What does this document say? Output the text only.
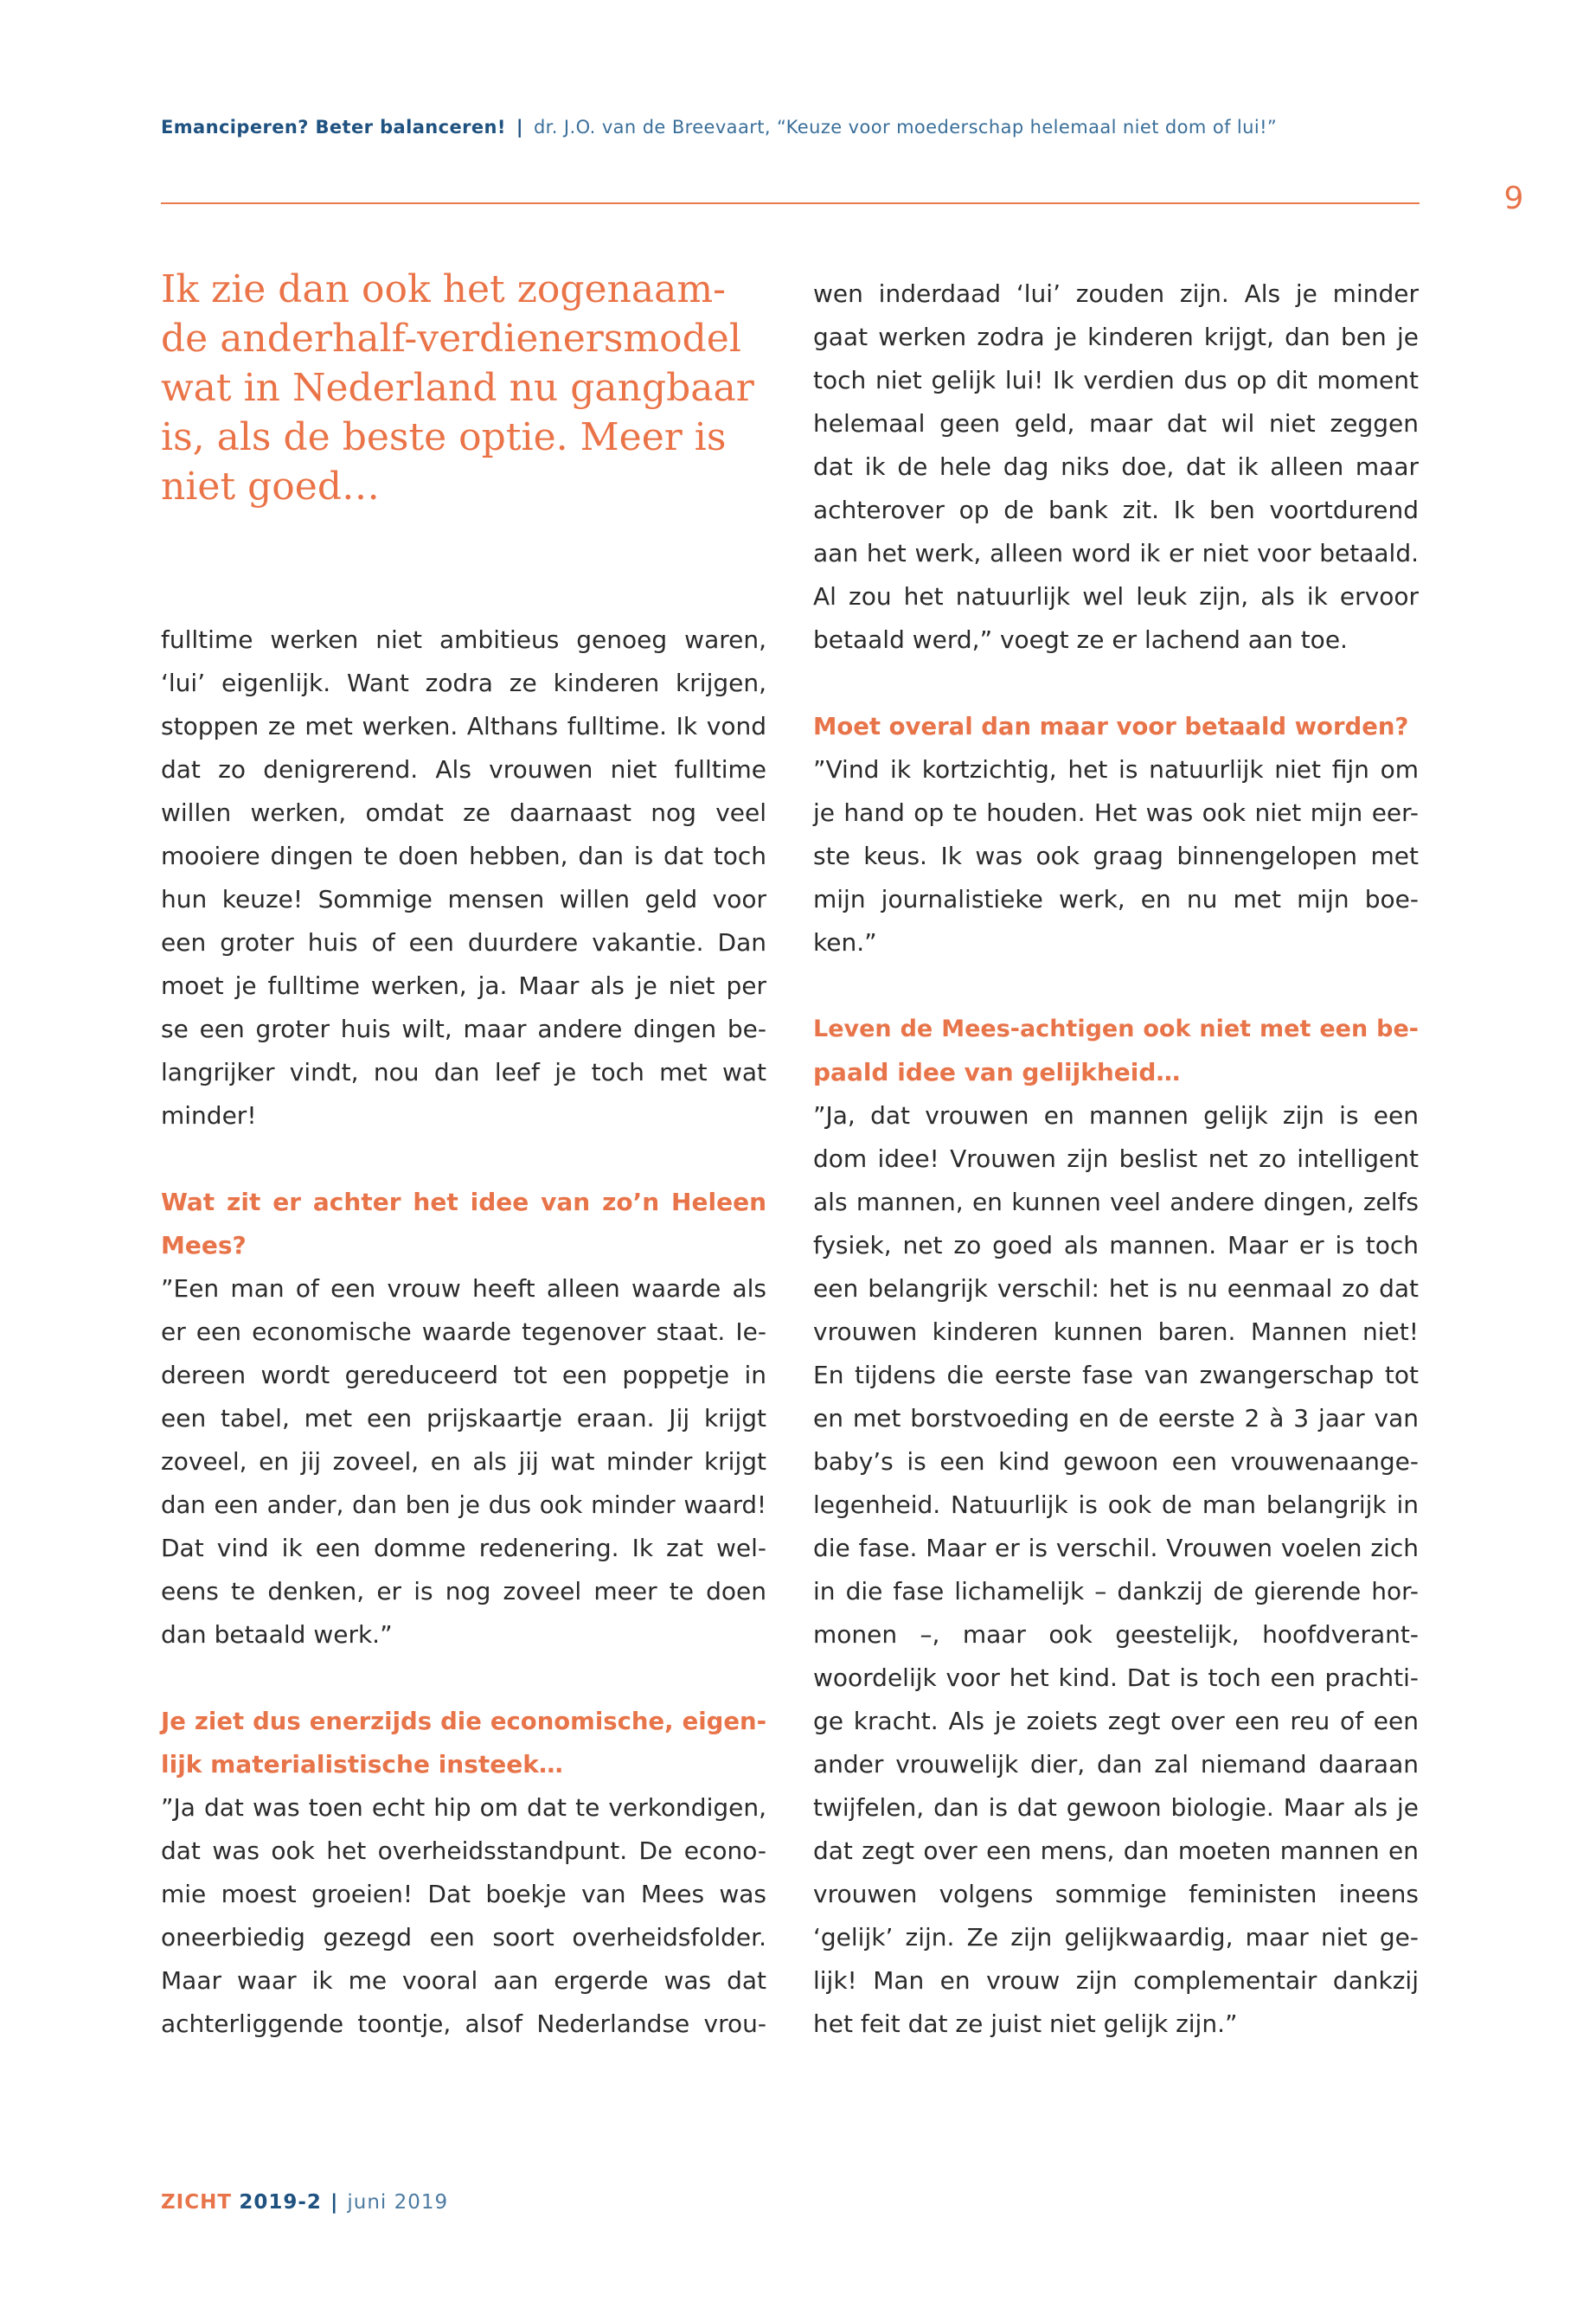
Emanciperen? Beter balanceren! | dr. J.O. van de Breevaart, “Keuze voor moederschap helemaal niet dom of lui!”
9
Ik zie dan ook het zogenaam-
de anderhalf-verdienersmodel
wat in Nederland nu gangbaar
is, als de beste optie. Meer is
niet goed…
fulltime werken niet ambitieus genoeg waren,
‘lui’ eigenlijk. Want zodra ze kinderen krijgen,
stoppen ze met werken. Althans fulltime. Ik vond
dat zo denigrerend. Als vrouwen niet fulltime
willen werken, omdat ze daarnaast nog veel
mooiere dingen te doen hebben, dan is dat toch
hun keuze! Sommige mensen willen geld voor
een groter huis of een duurdere vakantie. Dan
moet je fulltime werken, ja. Maar als je niet per
se een groter huis wilt, maar andere dingen be-
langrijker vindt, nou dan leef je toch met wat
minder!
Wat zit er achter het idee van zo’n Heleen
Mees?
”Een man of een vrouw heeft alleen waarde als
er een economische waarde tegenover staat. Ie-
dereen wordt gereduceerd tot een poppetje in
een tabel, met een prijskaartje eraan. Jij krijgt
zoveel, en jij zoveel, en als jij wat minder krijgt
dan een ander, dan ben je dus ook minder waard!
Dat vind ik een domme redenering. Ik zat wel-
eens te denken, er is nog zoveel meer te doen
dan betaald werk.”
Je ziet dus enerzijds die economische, eigen-
lijk materialistische insteek…
”Ja dat was toen echt hip om dat te verkondigen,
dat was ook het overheidsstandpunt. De econo-
mie moest groeien! Dat boekje van Mees was
oneerbiedig gezegd een soort overheidsfolder.
Maar waar ik me vooral aan ergerde was dat
achterliggende toontje, alsof Nederlandse vrou-
wen inderdaad ‘lui’ zouden zijn. Als je minder
gaat werken zodra je kinderen krijgt, dan ben je
toch niet gelijk lui! Ik verdien dus op dit moment
helemaal geen geld, maar dat wil niet zeggen
dat ik de hele dag niks doe, dat ik alleen maar
achterover op de bank zit. Ik ben voortdurend
aan het werk, alleen word ik er niet voor betaald.
Al zou het natuurlijk wel leuk zijn, als ik ervoor
betaald werd,” voegt ze er lachend aan toe.
Moet overal dan maar voor betaald worden?
”Vind ik kortzichtig, het is natuurlijk niet fijn om
je hand op te houden. Het was ook niet mijn eer-
ste keus. Ik was ook graag binnengelopen met
mijn journalistieke werk, en nu met mijn boe-
ken.”
Leven de Mees-achtigen ook niet met een be-
paald idee van gelijkheid…
”Ja, dat vrouwen en mannen gelijk zijn is een
dom idee! Vrouwen zijn beslist net zo intelligent
als mannen, en kunnen veel andere dingen, zelfs
fysiek, net zo goed als mannen. Maar er is toch
een belangrijk verschil: het is nu eenmaal zo dat
vrouwen kinderen kunnen baren. Mannen niet!
En tijdens die eerste fase van zwangerschap tot
en met borstvoeding en de eerste 2 à 3 jaar van
baby’s is een kind gewoon een vrouwenaange-
legenheid. Natuurlijk is ook de man belangrijk in
die fase. Maar er is verschil. Vrouwen voelen zich
in die fase lichamelijk – dankzij de gierende hor-
monen –, maar ook geestelijk, hoofdverant-
woordelijk voor het kind. Dat is toch een prachti-
ge kracht. Als je zoiets zegt over een reu of een
ander vrouwelijk dier, dan zal niemand daaraan
twijfelen, dan is dat gewoon biologie. Maar als je
dat zegt over een mens, dan moeten mannen en
vrouwen volgens sommige feministen ineens
‘gelijk’ zijn. Ze zijn gelijkwaardig, maar niet ge-
lijk! Man en vrouw zijn complementair dankzij
het feit dat ze juist niet gelijk zijn.”
ZICHT 2019-2 | juni 2019
